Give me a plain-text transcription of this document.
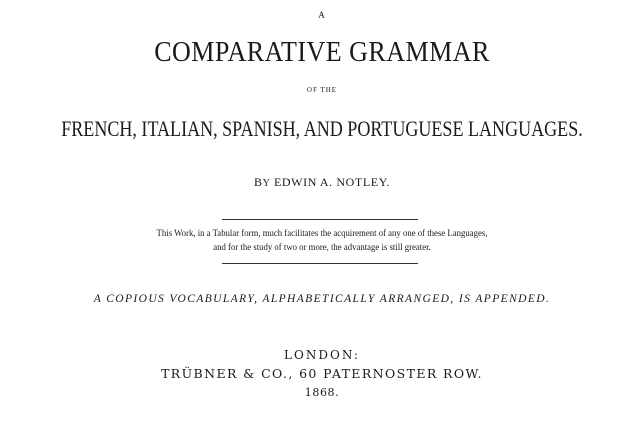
A
COMPARATIVE GRAMMAR
OF THE
FRENCH, ITALIAN, SPANISH, AND PORTUGUESE LANGUAGES.
BY EDWIN A. NOTLEY.
This Work, in a Tabular form, much facilitates the acquirement of any one of these Languages,
and for the study of two or more, the advantage is still greater.
A COPIOUS VOCABULARY, ALPHABETICALLY ARRANGED, IS APPENDED.
LONDON:
TRÜBNER & CO., 60 PATERNOSTER ROW.
1868.
